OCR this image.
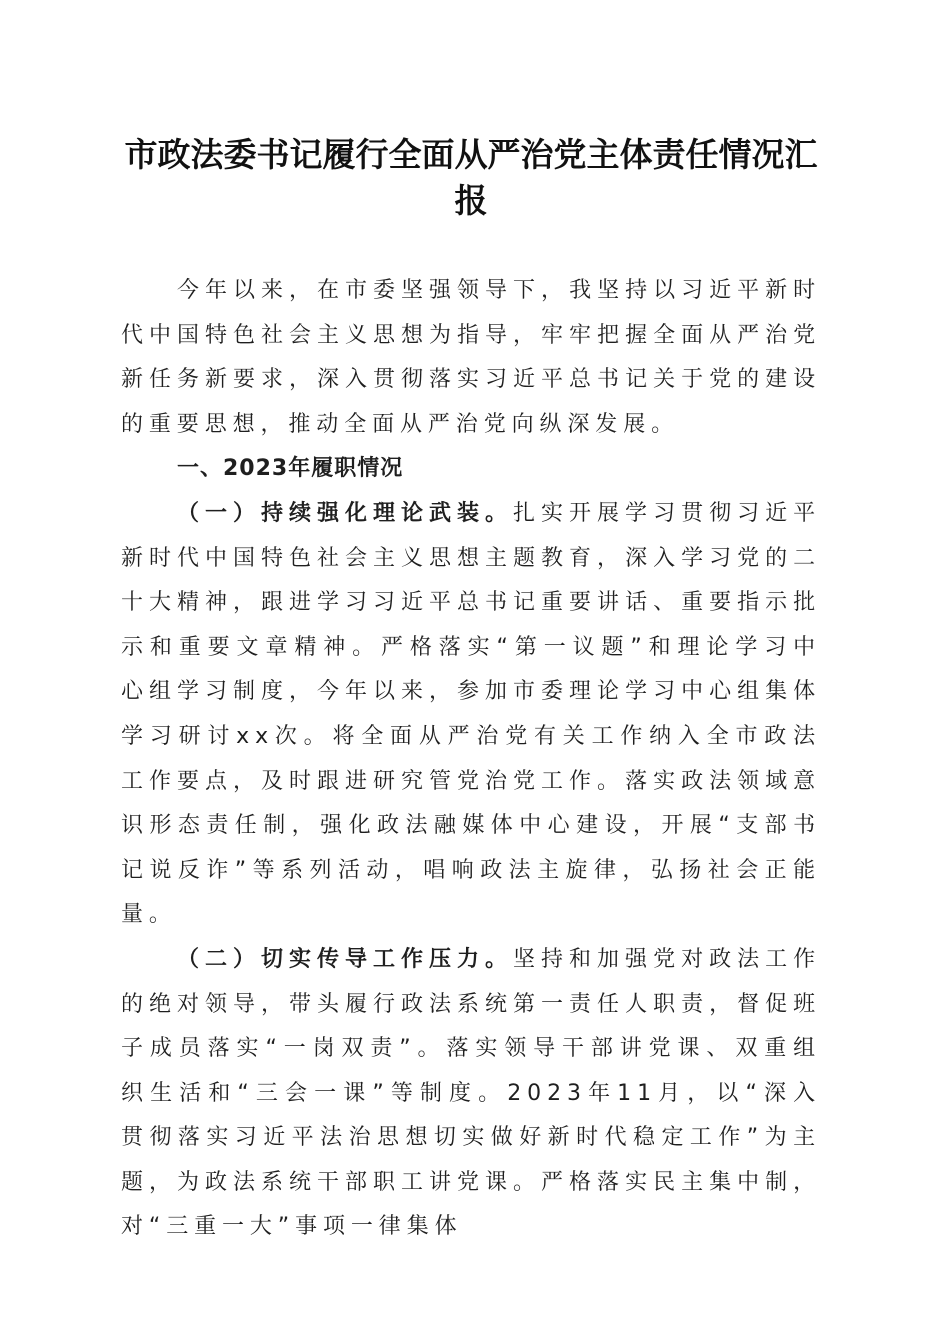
市政法委书记履行全面从严治党主体责任情况汇报

今年以来，在市委坚强领导下，我坚持以习近平新时代中国特色社会主义思想为指导，牢牢把握全面从严治党新任务新要求，深入贯彻落实习近平总书记关于党的建设的重要思想，推动全面从严治党向纵深发展。

一、2023年履职情况

（一）持续强化理论武装。扎实开展学习贯彻习近平新时代中国特色社会主义思想主题教育，深入学习党的二十大精神，跟进学习习近平总书记重要讲话、重要指示批示和重要文章精神。严格落实“第一议题”和理论学习中心组学习制度，今年以来，参加市委理论学习中心组集体学习研讨xx次。将全面从严治党有关工作纳入全市政法工作要点，及时跟进研究管党治党工作。落实政法领域意识形态责任制，强化政法融媒体中心建设，开展“支部书记说反诈”等系列活动，唱响政法主旋律，弘扬社会正能量。

（二）切实传导工作压力。坚持和加强党对政法工作的绝对领导，带头履行政法系统第一责任人职责，督促班子成员落实“一岗双责”。落实领导干部讲党课、双重组织生活和“三会一课”等制度。2023年11月，以“深入贯彻落实习近平法治思想切实做好新时代稳定工作”为主题，为政法系统干部职工讲党课。严格落实民主集中制，对“三重一大”事项一律集体
